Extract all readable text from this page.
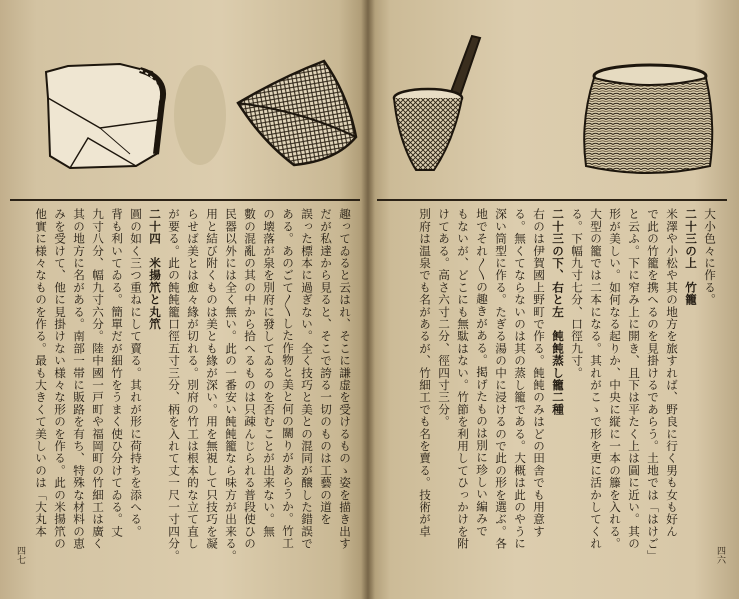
趣ってゐると云はれ、そこに謙虚を受けるものゝ姿を描き出す
だが私達から見ると、そこで誇る一切のものは工藝の道を
誤った標本に過ぎない。全く技巧と美との混同が醸した錯誤で
ある。あのごて〳〵した作物と美と何の關りがあらうか。竹工
の壊落が泉を別府に發してゐるのを否むことが出来ない。無
數の混亂の其の中から拾へるものは只疎んじられる普段使ひの
民器以外には全く無い。此の一番安い飩飩籠なら味方が出来る。
用と結び附くものは美とも緣が深い。用を無視して只技巧を凝
らせば美とは愈々緣が切れる。別府の竹工は根本的な立て直し
が要る。此の飩飩籠口徑五寸三分、柄を入れて丈一尺一寸四分。
二十四　米揚笊と丸笊
圓の如く三つ重ねにして賣る。其れが形に荷持ちを添へる。
背も利いてゐる。簡單だが細竹をうまく使ひ分けてゐる。丈
九寸八分、幅九寸六分。陸中國一戸町や福岡町の竹細工は廣く
其の地方に名がある。南部一帯に販路を有ち、特殊な材料の恵
みを受けて、他に見掛けない様々な形のを作る。此の米揚笊の
他實に様々なものを作る。最も大きくて美しいのは「大丸本
四七
大小色々に作る。
二十三の上　竹籠
米澤や小松や其の地方を旅すれば、野良に行く男も女も好ん
で此の竹籠を携へるのを見掛けるであらう。土地では「はけご」
と云ふ。下に窄み上に開き、且下は平たく上は圓に近い。其の
形が美しい。如何なる起りか、中央に縦に一本の籐を入れる。
大型の籠では二本になる。其れがこゝで形を更に活かしてくれ
る。下幅九寸七分、口徑九寸。
二十三の下、右と左　飩飩蒸し籠二種
右のは伊賀國上野町で作る。飩飩のみはどの田舎でも用意す
る。無くてならないのは其の蒸し籠である。大概は此のやうに
深い筒型に作る。たぎる湯の中に浸けるので此の形を選ぶ。各
地でそれ〳〵の趣きがある。掲げたものは別に珍しい編みで
もないが、どこにも無駄はない。竹節を利用してひっかけを附
けてある。高さ六寸二分、徑四寸三分。
別府は温泉でも名があるが、竹細工でも名を賣る。技術が卓
四六
